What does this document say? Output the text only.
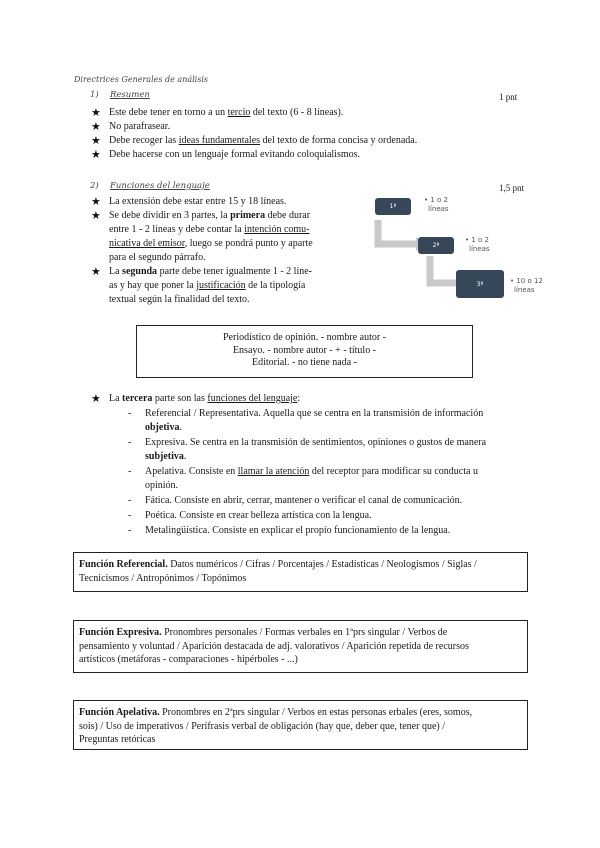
Directrices Generales de análisis
1) Resumen	1 pnt
★ Este debe tener en torno a un tercio del texto (6 - 8 líneas).
★ No parafrasear.
★ Debe recoger las ideas fundamentales del texto de forma concisa y ordenada.
★ Debe hacerse con un lenguaje formal evitando coloquialismos.
2) Funciones del lenguaje	1,5 pnt
★ La extensión debe estar entre 15 y 18 líneas.
★ Se debe dividir en 3 partes, la primera debe durar
entre 1 - 2 líneas y debe contar la intención comu-
nicativa del emisor, luego se pondrá punto y aparte
para el segundo párrafo.
★ La segunda parte debe tener igualmente 1 - 2 líne-
as y hay que poner la justificación de la tipología
textual según la finalidad del texto.
1ª
2ª
3ª
• 1 o 2
líneas
• 1 o 2
líneas
• 10 o 12
líneas
Periodístico de opinión. - nombre autor -
Ensayo. - nombre autor - + - título -
Editorial. - no tiene nada -
★ La tercera parte son las funciones del lenguaje:
- Referencial / Representativa. Aquella que se centra en la transmisión de información
objetiva.
- Expresiva. Se centra en la transmisión de sentimientos, opiniones o gustos de manera
subjetiva.
- Apelativa. Consiste en llamar la atención del receptor para modificar su conducta u
opinión.
- Fática. Consiste en abrir, cerrar, mantener o verificar el canal de comunicación.
- Poética. Consiste en crear belleza artística con la lengua.
- Metalingüística. Consiste en explicar el propio funcionamiento de la lengua.
Función Referencial. Datos numéricos / Cifras / Porcentajes / Estadísticas / Neologismos / Siglas /
Tecnicismos / Antropónimos / Topónimos
Función Expresiva. Pronombres personales / Formas verbales en 1ªprs singular / Verbos de
pensamiento y voluntad / Aparición destacada de adj. valorativos / Aparición repetida de recursos
artísticos (metáforas - comparaciones - hipérboles - ...)
Función Apelativa. Pronombres en 2ªprs singular / Verbos en estas personas erbales (eres, somos,
sois) / Uso de imperativos / Perífrasis verbal de obligación (hay que, deber que, tener que) /
Preguntas retóricas
